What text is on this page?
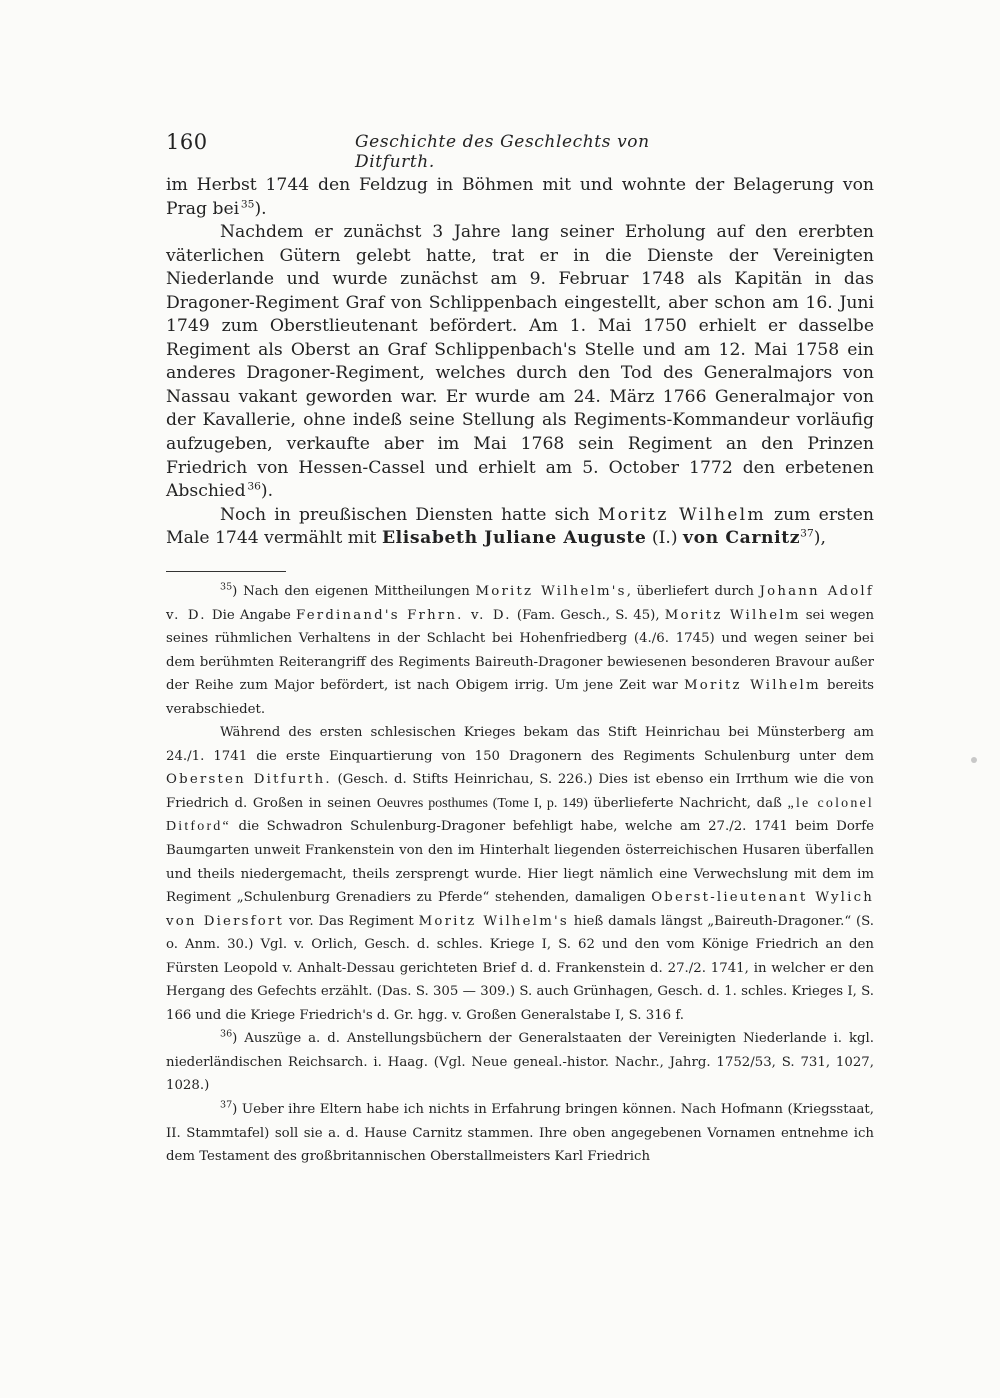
160	Geschichte des Geschlechts von Ditfurth.

im Herbst 1744 den Feldzug in Böhmen mit und wohnte der Belagerung von Prag bei  $^{35}$).

Nachdem er zunächst 3 Jahre lang seiner Erholung auf den ererbten väterlichen Gütern gelebt hatte, trat er in die Dienste der Vereinigten Niederlande und wurde zunächst am 9. Februar 1748 als Kapitän in das Dragoner-Regiment Graf von Schlippenbach eingestellt, aber schon am 16. Juni 1749 zum Oberstlieutenant befördert. Am 1. Mai 1750 erhielt er dasselbe Regiment als Oberst an Graf Schlippenbach's Stelle und am 12. Mai 1758 ein anderes Dragoner-Regiment, welches durch den Tod des Generalmajors von Nassau vakant geworden war. Er wurde am 24. März 1766 Generalmajor von der Kavallerie, ohne indeß seine Stellung als Regiments-Kommandeur vorläufig aufzugeben, verkaufte aber im Mai 1768 sein Regiment an den Prinzen Friedrich von Hessen-Cassel und erhielt am 5. October 1772 den erbetenen Abschied  $^{36}$).

Noch in preußischen Diensten hatte sich Moritz Wilhelm zum ersten Male 1744 vermählt mit Elisabeth Juliane Auguste (I.) von Carnitz$^{37}$),

$^{35}$) Nach den eigenen Mittheilungen Moritz Wilhelm's, überliefert durch Johann Adolf v. D. Die Angabe Ferdinand's Frhrn. v. D. (Fam. Gesch., S. 45), Moritz Wilhelm sei wegen seines rühmlichen Verhaltens in der Schlacht bei Hohenfriedberg (4./6. 1745) und wegen seiner bei dem berühmten Reiterangriff des Regiments Baireuth-Dragoner bewiesenen besonderen Bravour außer der Reihe zum Major befördert, ist nach Obigem irrig. Um jene Zeit war Moritz Wilhelm bereits verabschiedet.

Während des ersten schlesischen Krieges bekam das Stift Heinrichau bei Münsterberg am 24./1. 1741 die erste Einquartierung von 150 Dragonern des Regiments Schulenburg unter dem Obersten Ditfurth. (Gesch. d. Stifts Heinrichau, S. 226.) Dies ist ebenso ein Irrthum wie die von Friedrich d. Großen in seinen Oeuvres posthumes (Tome I, p. 149) überlieferte Nachricht, daß „le colonel Ditford“ die Schwadron Schulenburg-Dragoner befehligt habe, welche am 27./2. 1741 beim Dorfe Baumgarten unweit Frankenstein von den im Hinterhalt liegenden österreichischen Husaren überfallen und theils niedergemacht, theils zersprengt wurde. Hier liegt nämlich eine Verwechslung mit dem im Regiment „Schulenburg Grenadiers zu Pferde“ stehenden, damaligen Oberst-lieutenant Wylich von Diersfort vor. Das Regiment Moritz Wilhelm's hieß damals längst „Baireuth-Dragoner.“ (S. o. Anm. 30.) Vgl. v. Orlich, Gesch. d. schles. Kriege I, S. 62 und den vom Könige Friedrich an den Fürsten Leopold v. Anhalt-Dessau gerichteten Brief d. d. Frankenstein d. 27./2. 1741, in welcher er den Hergang des Gefechts erzählt. (Das. S. 305 — 309.) S. auch Grünhagen, Gesch. d. 1. schles. Krieges I, S. 166 und die Kriege Friedrich's d. Gr. hgg. v. Großen Generalstabe I, S. 316 f.

$^{36}$) Auszüge a. d. Anstellungsbüchern der Generalstaaten der Vereinigten Niederlande i. kgl. niederländischen Reichsarch. i. Haag. (Vgl. Neue geneal.-histor. Nachr., Jahrg. 1752/53, S. 731, 1027, 1028.)

$^{37}$) Ueber ihre Eltern habe ich nichts in Erfahrung bringen können. Nach Hofmann (Kriegsstaat, II. Stammtafel) soll sie a. d. Hause Carnitz stammen. Ihre oben angegebenen Vornamen entnehme ich dem Testament des großbritannischen Oberstallmeisters Karl Friedrich
